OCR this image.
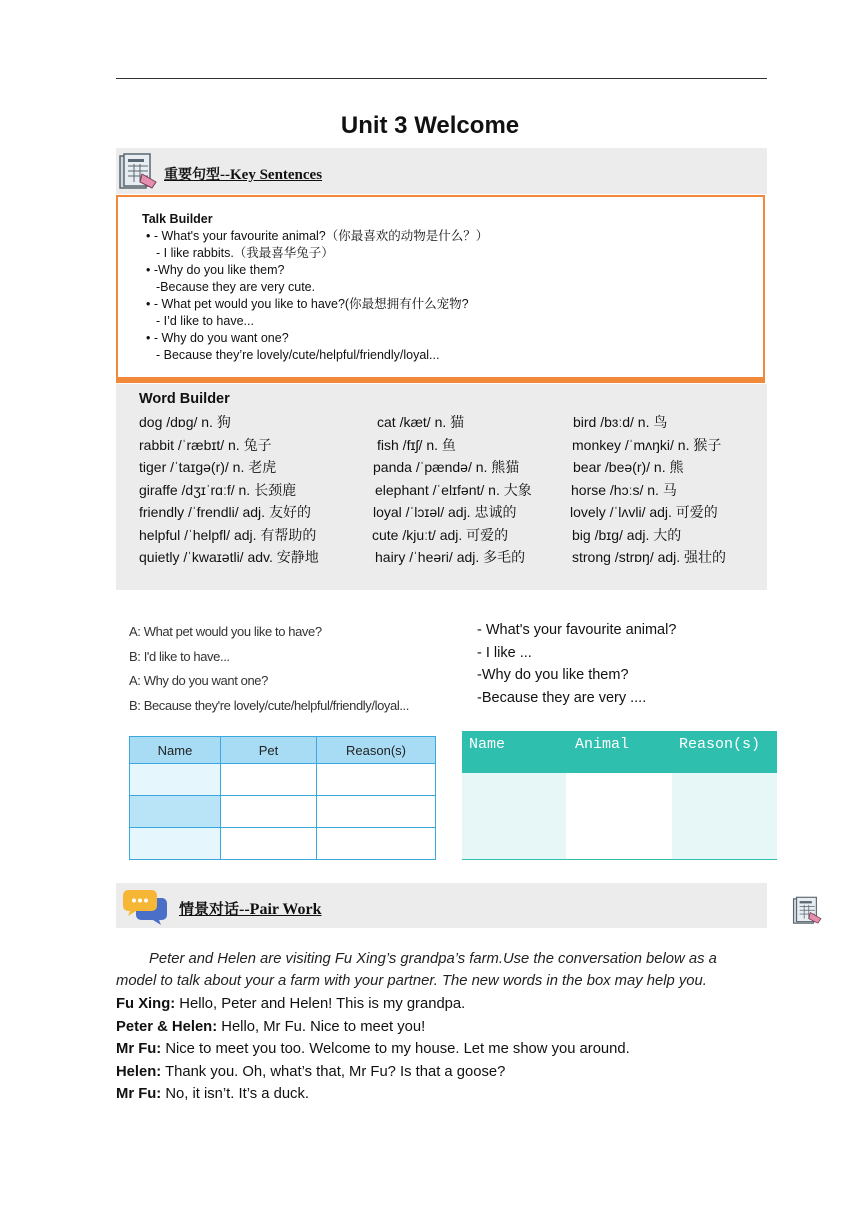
Unit 3 Welcome
重要句型--Key Sentences
Talk Builder
• - What's your favourite animal?（你最喜欢的动物是什么？）
- I like rabbits.（我最喜华兔子）
• -Why do you like them?
-Because they are very cute.
• - What pet would you like to have?(你最想拥有什么宠物?
- I’d like to have...
• - Why do you want one?
- Because they’re lovely/cute/helpful/friendly/loyal...
Word Builder
dog /dɒɡ/ n. 狗	cat /kæt/ n. 猫	bird /bɜːd/ n. 鸟
rabbit /ˈræbɪt/ n. 兔子	fish /fɪʃ/ n. 鱼	monkey /ˈmʌŋki/ n. 猴子
tiger /ˈtaɪɡə(r)/ n. 老虎	panda /ˈpændə/ n. 熊猫	bear /beə(r)/ n. 熊
giraffe /dʒɪˈrɑːf/ n. 长颈鹿	elephant /ˈelɪfənt/ n. 大象	horse /hɔːs/ n. 马
friendly /ˈfrendli/ adj. 友好的	loyal /ˈlɔɪəl/ adj. 忠诚的	lovely /ˈlʌvli/ adj. 可爱的
helpful /ˈhelpfl/ adj. 有帮助的	cute /kjuːt/ adj. 可爱的	big /bɪɡ/ adj. 大的
quietly /ˈkwaɪətli/ adv. 安静地	hairy /ˈheəri/ adj. 多毛的	strong /strɒŋ/ adj. 强壮的
A: What pet would you like to have?
B: I'd like to have...
A: Why do you want one?
B: Because they're lovely/cute/helpful/friendly/loyal...
- What's your favourite animal?
- I like ...
-Why do you like them?
-Because they are very ....
Name	Pet	Reason(s)

			Name	Animal	Reason(s)
情景对话--Pair Work
Peter and Helen are visiting Fu Xing’s grandpa’s farm.Use the conversation below as a
model to talk about your a farm with your partner. The new words in the box may help you.
Fu Xing: Hello, Peter and Helen! This is my grandpa.
Peter & Helen: Hello, Mr Fu. Nice to meet you!
Mr Fu: Nice to meet you too. Welcome to my house. Let me show you around.
Helen: Thank you. Oh, what’s that, Mr Fu? Is that a goose?
Mr Fu: No, it isn’t. It’s a duck.
